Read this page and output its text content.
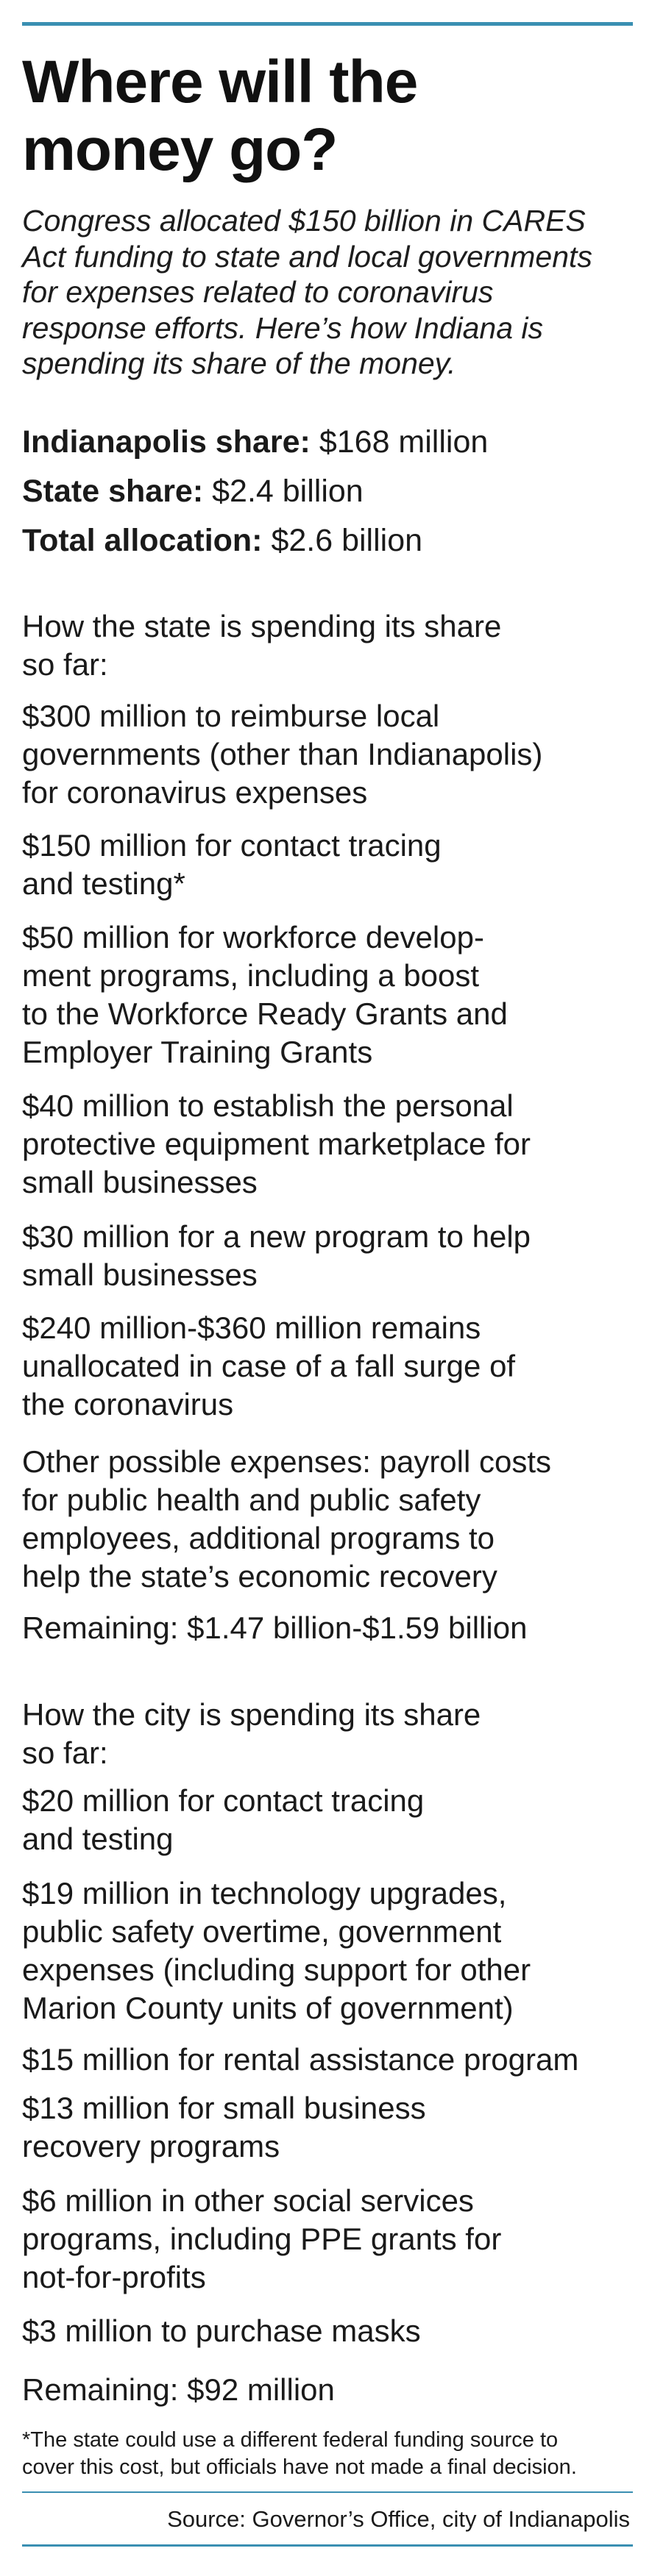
Where will the
money go?

Congress allocated $150 billion in CARES Act funding to state and local governments for expenses related to coronavirus response efforts. Here’s how Indiana is spending its share of the money.

Indianapolis share: $168 million
State share: $2.4 billion
Total allocation: $2.6 billion
How the state is spending its share
so far:
$300 million to reimburse local
governments (other than Indianapolis)
for coronavirus expenses
$150 million for contact tracing
and testing*
$50 million for workforce develop-
ment programs, including a boost
to the Workforce Ready Grants and
Employer Training Grants
$40 million to establish the personal
protective equipment marketplace for
small businesses
$30 million for a new program to help
small businesses
$240 million-$360 million remains
unallocated in case of a fall surge of
the coronavirus
Other possible expenses: payroll costs
for public health and public safety
employees, additional programs to
help the state’s economic recovery
Remaining: $1.47 billion-$1.59 billion
How the city is spending its share
so far:
$20 million for contact tracing
and testing
$19 million in technology upgrades,
public safety overtime, government
expenses (including support for other
Marion County units of government)
$15 million for rental assistance program
$13 million for small business
recovery programs
$6 million in other social services
programs, including PPE grants for
not-for-profits
$3 million to purchase masks
Remaining: $92 million
*The state could use a different federal funding source to
cover this cost, but officials have not made a final decision.
Source: Governor’s Office, city of Indianapolis
